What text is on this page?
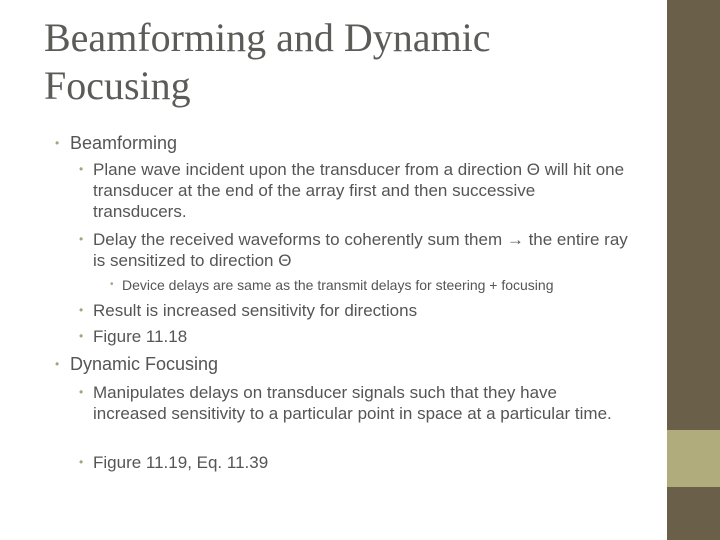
Beamforming and Dynamic Focusing
• Beamforming
• Plane wave incident upon the transducer from a direction Θ will hit one transducer at the end of the array first and then successive transducers.
• Delay the received waveforms to coherently sum them → the entire ray is sensitized to direction Θ
• Device delays are same as the transmit delays for steering + focusing
• Result is increased sensitivity for directions
• Figure 11.18
• Dynamic Focusing
• Manipulates delays on transducer signals such that they have increased sensitivity to a particular point in space at a particular time.
• Figure 11.19, Eq. 11.39
